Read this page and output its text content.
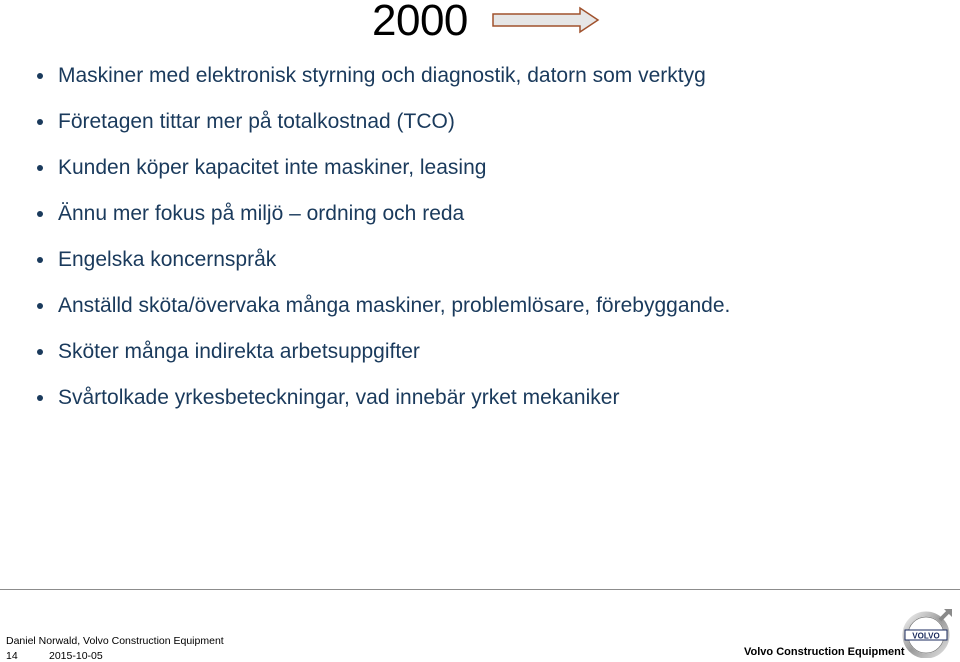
2000
Maskiner med elektronisk styrning och diagnostik, datorn som verktyg
Företagen tittar mer på totalkostnad (TCO)
Kunden köper kapacitet inte maskiner, leasing
Ännu mer fokus på miljö – ordning och reda
Engelska koncernspråk
Anställd sköta/övervaka många maskiner, problemlösare, förebyggande.
Sköter många indirekta arbetsuppgifter
Svårtolkade yrkesbeteckningar, vad innebär yrket mekaniker
Daniel Norwald, Volvo Construction Equipment
14	2015-10-05	Volvo Construction Equipment
VOLVO
